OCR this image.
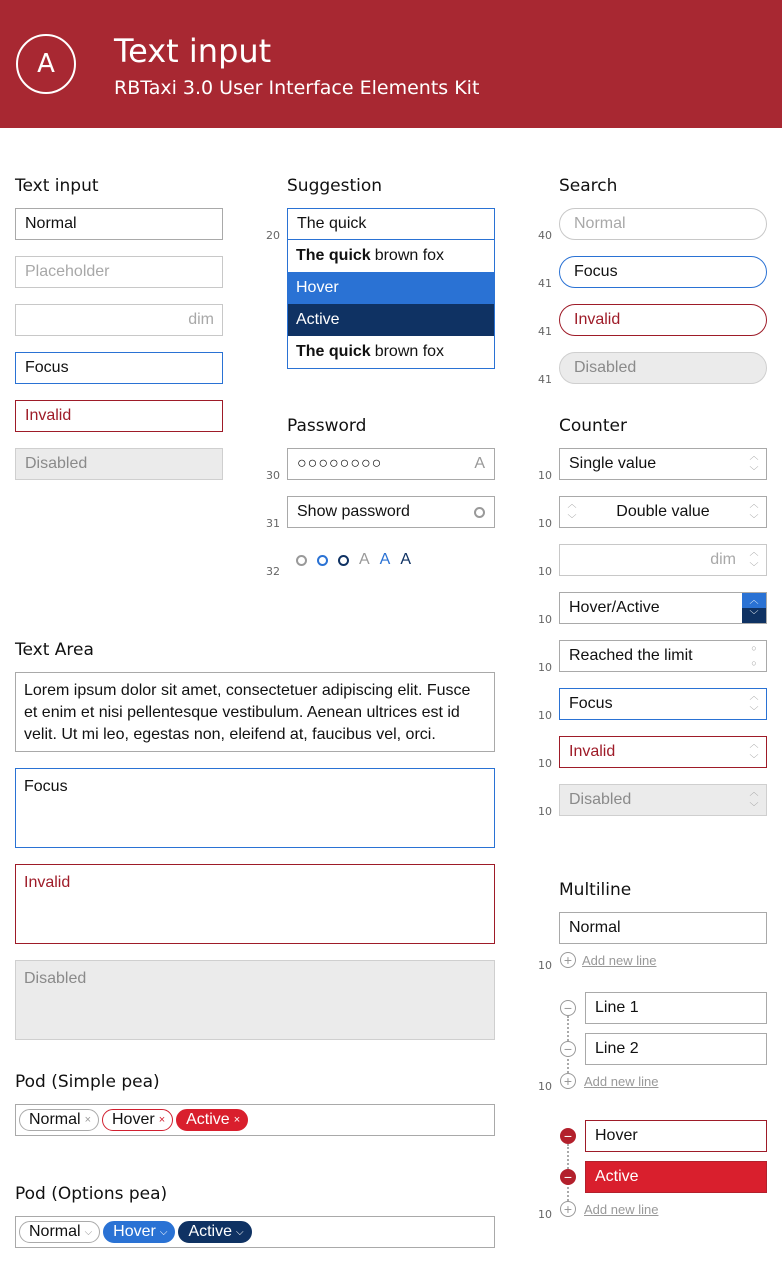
A	Text input
RBTaxi 3.0 User Interface Elements Kit
Text input
Normal
Placeholder
dim
Focus
Invalid
Disabled
Suggestion
20
The quick
The quick brown fox
Hover
Active
The quick brown fox
Password
30
○○○○○○○○	A
31
Show password
32
A A A
Search
40
Normal
41
Focus
41
Invalid
41
Disabled
Counter
10
Single value	︿
﹀
10
︿
﹀	Double value	︿
﹀
10
dim	︿
﹀
10
Hover/Active	︿
﹀
10
Reached the limit	○
○
10
Focus	︿
﹀
10
Invalid	︿
﹀
10
Disabled	︿
﹀
Text Area
Lorem ipsum dolor sit amet, consectetuer adipiscing elit. Fusce et enim et nisi pellentesque vestibulum. Aenean ultrices est id velit. Ut mi leo, egestas non, eleifend at, faucibus vel, orci.
Focus
Invalid
Disabled
Pod (Simple pea)
Normal × Hover × Active ×
Pod (Options pea)
Normal ⌵ Hover ⌵ Active ⌵
Multiline
Normal
10 + Add new line
−	Line 1
−	Line 2
10 + Add new line
−	Hover
−	Active
10 + Add new line
